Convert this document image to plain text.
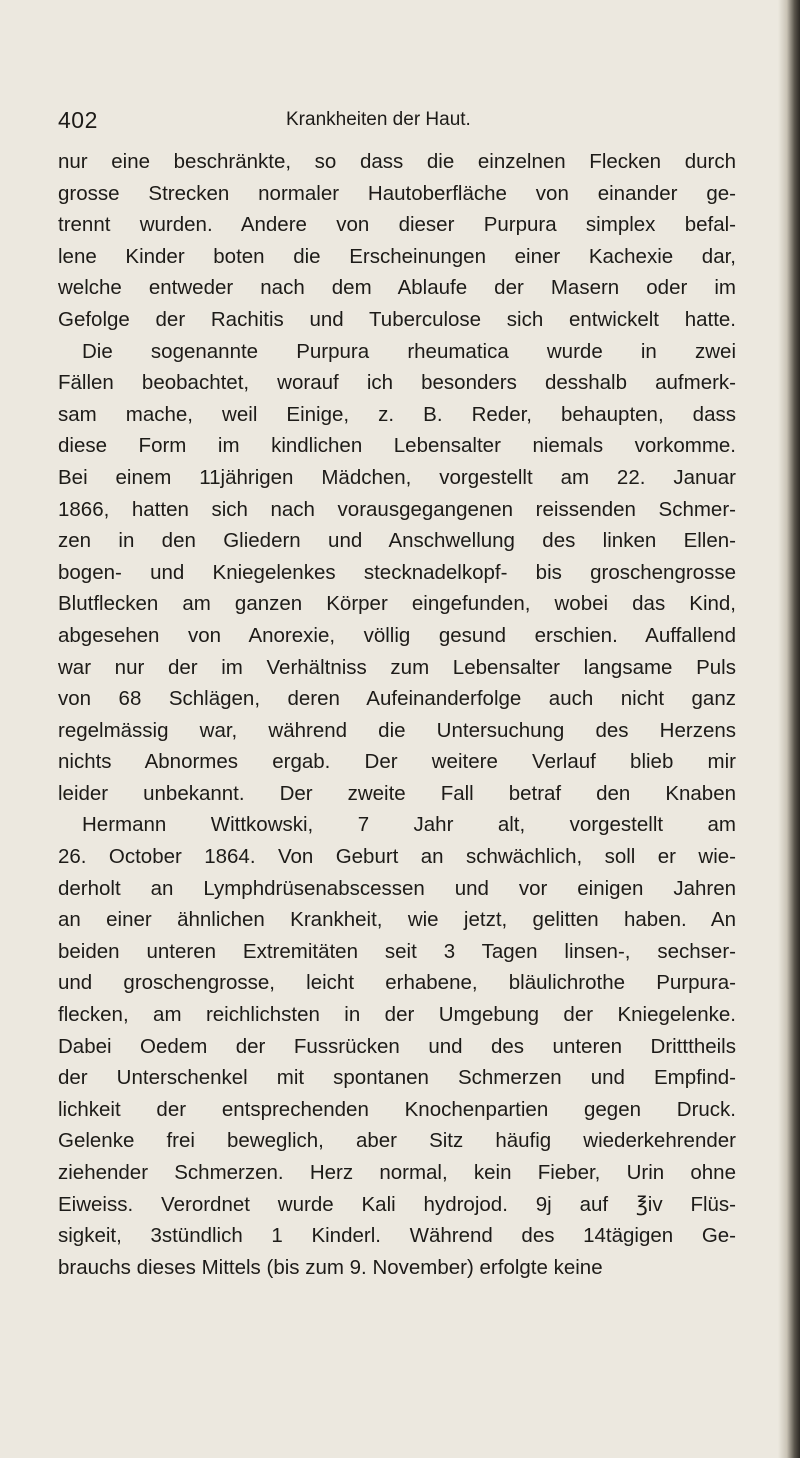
402	Krankheiten der Haut.
nur eine beschränkte, so dass die einzelnen Flecken durch
grosse Strecken normaler Hautoberfläche von einander ge-
trennt wurden. Andere von dieser Purpura simplex befal-
lene Kinder boten die Erscheinungen einer Kachexie dar,
welche entweder nach dem Ablaufe der Masern oder im
Gefolge der Rachitis und Tuberculose sich entwickelt hatte.
Die sogenannte Purpura rheumatica wurde in zwei
Fällen beobachtet, worauf ich besonders desshalb aufmerk-
sam mache, weil Einige, z. B. Reder, behaupten, dass
diese Form im kindlichen Lebensalter niemals vorkomme.
Bei einem 11jährigen Mädchen, vorgestellt am 22. Januar
1866, hatten sich nach vorausgegangenen reissenden Schmer-
zen in den Gliedern und Anschwellung des linken Ellen-
bogen- und Kniegelenkes stecknadelkopf- bis groschengrosse
Blutflecken am ganzen Körper eingefunden, wobei das Kind,
abgesehen von Anorexie, völlig gesund erschien. Auffallend
war nur der im Verhältniss zum Lebensalter langsame Puls
von 68 Schlägen, deren Aufeinanderfolge auch nicht ganz
regelmässig war, während die Untersuchung des Herzens
nichts Abnormes ergab. Der weitere Verlauf blieb mir
leider unbekannt. Der zweite Fall betraf den Knaben
Hermann Wittkowski, 7 Jahr alt, vorgestellt am
26. October 1864. Von Geburt an schwächlich, soll er wie-
derholt an Lymphdrüsenabscessen und vor einigen Jahren
an einer ähnlichen Krankheit, wie jetzt, gelitten haben. An
beiden unteren Extremitäten seit 3 Tagen linsen-, sechser-
und groschengrosse, leicht erhabene, bläulichrothe Purpura-
flecken, am reichlichsten in der Umgebung der Kniegelenke.
Dabei Oedem der Fussrücken und des unteren Dritttheils
der Unterschenkel mit spontanen Schmerzen und Empfind-
lichkeit der entsprechenden Knochenpartien gegen Druck.
Gelenke frei beweglich, aber Sitz häufig wiederkehrender
ziehender Schmerzen. Herz normal, kein Fieber, Urin ohne
Eiweiss. Verordnet wurde Kali hydrojod. 9j auf ℥iv Flüs-
sigkeit, 3stündlich 1 Kinderl. Während des 14tägigen Ge-
brauchs dieses Mittels (bis zum 9. November) erfolgte keine
